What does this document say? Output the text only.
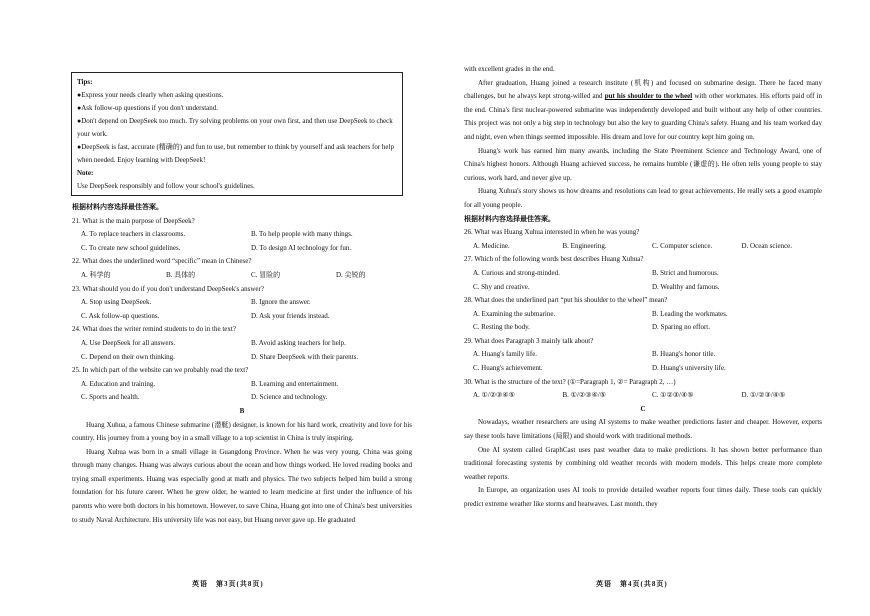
Tips:

●Express your needs clearly when asking questions.

●Ask follow-up questions if you don't understand.

●Don't depend on DeepSeek too much. Try solving problems on your own first, and then use DeepSeek to check your work.

●DeepSeek is fast, accurate (精确的) and fun to use, but remember to think by yourself and ask teachers for help when needed. Enjoy learning with DeepSeek!

Note:

Use DeepSeek responsibly and follow your school's guidelines.

根据材料内容选择最佳答案。

21. What is the main purpose of DeepSeek?

A. To replace teachers in classrooms.	B. To help people with many things.
C. To create new school guidelines.	D. To design AI technology for fun.

22. What does the underlined word “specific” mean in Chinese?

A. 科学的	B. 具体的	C. 冒险的	D. 尖锐的

23. What should you do if you don't understand DeepSeek's answer?

A. Stop using DeepSeek.	B. Ignore the answer.
C. Ask follow-up questions.	D. Ask your friends instead.

24. What does the writer remind students to do in the text?

A. Use DeepSeek for all answers.	B. Avoid asking teachers for help.
C. Depend on their own thinking.	D. Share DeepSeek with their parents.

25. In which part of the website can we probably read the text?

A. Education and training.	B. Learning and entertainment.
C. Sports and health.	D. Science and technology.

B

Huang Xuhua, a famous Chinese submarine (潜艇) designer, is known for his hard work, creativity and love for his country. His journey from a young boy in a small village to a top scientist in China is truly inspiring.

Huang Xuhua was born in a small village in Guangdong Province. When he was very young, China was going through many changes. Huang was always curious about the ocean and how things worked. He loved reading books and trying small experiments. Huang was especially good at math and physics. The two subjects helped him build a strong foundation for his future career. When he grew older, he wanted to learn medicine at first under the influence of his parents who were both doctors in his hometown. However, to save China, Huang got into one of China's best universities to study Naval Architecture. His university life was not easy, but Huang never gave up. He graduated

英语　第3页(共8页)

with excellent grades in the end.

After graduation, Huang joined a research institute (机构) and focused on submarine design. There he faced many challenges, but he always kept strong-willed and put his shoulder to the wheel with other workmates. His efforts paid off in the end. China's first nuclear-powered submarine was independently developed and built without any help of other countries. This project was not only a big step in technology but also the key to guarding China's safety. Huang and his team worked day and night, even when things seemed impossible. His dream and love for our country kept him going on.

Huang's work has earned him many awards, including the State Preeminent Science and Technology Award, one of China's highest honors. Although Huang achieved success, he remains humble (谦虚的). He often tells young people to stay curious, work hard, and never give up.

Huang Xuhua's story shows us how dreams and resolutions can lead to great achievements. He really sets a good example for all young people.

根据材料内容选择最佳答案。

26. What was Huang Xuhua interested in when he was young?

A. Medicine.	B. Engineering.	C. Computer science.	D. Ocean science.

27. Which of the following words best describes Huang Xuhua?

A. Curious and strong-minded.	B. Strict and humorous.
C. Shy and creative.	D. Wealthy and famous.

28. What does the underlined part “put his shoulder to the wheel” mean?

A. Examining the submarine.	B. Leading the workmates.
C. Resting the body.	D. Sparing no effort.

29. What does Paragraph 3 mainly talk about?

A. Huang's family life.	B. Huang's honor title.
C. Huang's achievement.	D. Huang's university life.

30. What is the structure of the text? (①=Paragraph 1, ②= Paragraph 2, …)

A. ①/②③④⑤	B. ①/②③④/⑤	C. ①②③/④⑤	D. ①/②③/④⑤

C

Nowadays, weather researchers are using AI systems to make weather predictions faster and cheaper. However, experts say these tools have limitations (局限) and should work with traditional methods.

One AI system called GraphCast uses past weather data to make predictions. It has shown better performance than traditional forecasting systems by combining old weather records with modern models. This helps create more complete weather reports.

In Europe, an organization uses AI tools to provide detailed weather reports four times daily. These tools can quickly predict extreme weather like storms and heatwaves. Last month, they

英语　第4页(共8页)
